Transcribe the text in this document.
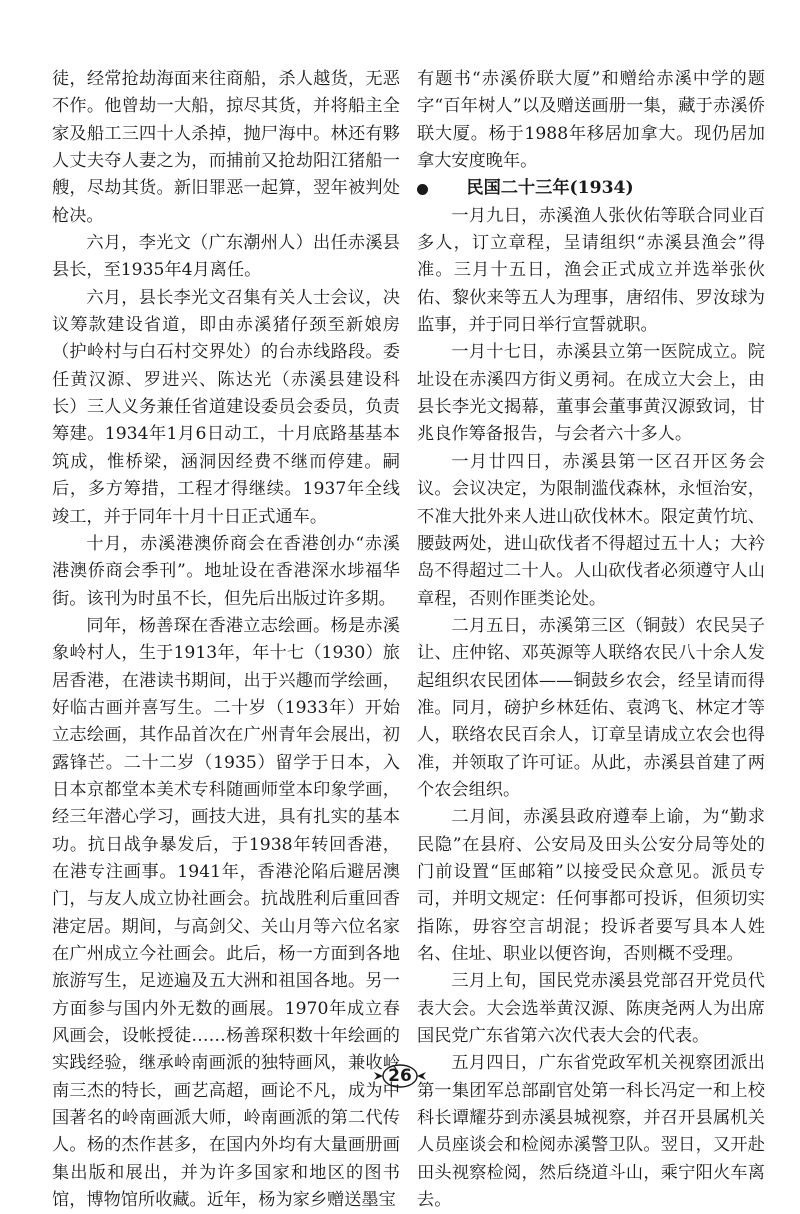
徒，经常抢劫海面来往商船，杀人越货，无恶不作。他曾劫一大船，掠尽其货，并将船主全家及船工三四十人杀掉，抛尸海中。林还有夥人丈夫夺人妻之为，而捕前又抢劫阳江猪船一艘，尽劫其货。新旧罪恶一起算，翌年被判处枪决。

六月，李光文（广东潮州人）出任赤溪县县长，至1935年4月离任。

六月，县长李光文召集有关人士会议，决议筹款建设省道，即由赤溪猪仔颈至新娘房（护岭村与白石村交界处）的台赤线路段。委任黄汉源、罗进兴、陈达光（赤溪县建设科长）三人义务兼任省道建设委员会委员，负责筹建。1934年1月6日动工，十月底路基基本筑成，惟桥梁，涵洞因经费不继而停建。嗣后，多方筹措，工程才得继续。1937年全线竣工，并于同年十月十日正式通车。

十月，赤溪港澳侨商会在香港创办“赤溪港澳侨商会季刊”。地址设在香港深水埗福华街。该刊为时虽不长，但先后出版过许多期。

同年，杨善琛在香港立志绘画。杨是赤溪象岭村人，生于1913年，年十七（1930）旅居香港，在港读书期间，出于兴趣而学绘画，好临古画并喜写生。二十岁（1933年）开始立志绘画，其作品首次在广州青年会展出，初露锋芒。二十二岁（1935）留学于日本，入日本京都堂本美术专科随画师堂本印象学画，经三年潜心学习，画技大进，具有扎实的基本功。抗日战争暴发后，于1938年转回香港，在港专注画事。1941年，香港沦陷后避居澳门，与友人成立协社画会。抗战胜利后重回香港定居。期间，与高剑父、关山月等六位名家在广州成立今社画会。此后，杨一方面到各地旅游写生，足迹遍及五大洲和祖国各地。另一方面参与国内外无数的画展。1970年成立春风画会，设帐授徒……杨善琛积数十年绘画的实践经验，继承岭南画派的独特画风，兼收岭南三杰的特长，画艺高超，画论不凡，成为中国著名的岭南画派大师，岭南画派的第二代传人。杨的杰作甚多，在国内外均有大量画册画集出版和展出，并为许多国家和地区的图书馆，博物馆所收藏。近年，杨为家乡赠送墨宝

有题书“赤溪侨联大厦”和赠给赤溪中学的题字“百年树人”以及赠送画册一集，藏于赤溪侨联大厦。杨于1988年移居加拿大。现仍居加拿大安度晚年。

民国二十三年(1934)

一月九日，赤溪渔人张伙佑等联合同业百多人，订立章程，呈请组织“赤溪县渔会”得准。三月十五日，渔会正式成立并选举张伙佑、黎伙来等五人为理事，唐绍伟、罗汝球为监事，并于同日举行宣誓就职。

一月十七日，赤溪县立第一医院成立。院址设在赤溪四方街义勇祠。在成立大会上，由县长李光文揭幕，董事会董事黄汉源致词，甘兆良作筹备报告，与会者六十多人。

一月廿四日，赤溪县第一区召开区务会议。会议决定，为限制滥伐森林，永恒治安，不准大批外来人进山砍伐林木。限定黄竹坑、腰鼓两处，进山砍伐者不得超过五十人；大衿岛不得超过二十人。人山砍伐者必须遵守人山章程，否则作匪类论处。

二月五日，赤溪第三区（铜鼓）农民吴子让、庄仲铭、邓英源等人联络农民八十余人发起组织农民团体——铜鼓乡农会，经呈请而得准。同月，磅护乡林廷佑、袁鸿飞、林定才等人，联络农民百余人，订章呈请成立农会也得准，并领取了许可证。从此，赤溪县首建了两个农会组织。

二月间，赤溪县政府遵奉上谕，为“勤求民隐”在县府、公安局及田头公安分局等处的门前设置“匡邮箱”以接受民众意见。派员专司，并明文规定：任何事都可投诉，但须切实指陈，毋容空言胡混；投诉者要写具本人姓名、住址、职业以便咨询，否则概不受理。

三月上旬，国民党赤溪县党部召开党员代表大会。大会选举黄汉源、陈庚尧两人为出席国民党广东省第六次代表大会的代表。

五月四日，广东省党政军机关视察团派出第一集团军总部副官处第一科长冯定一和上校科长谭耀芬到赤溪县城视察，并召开县属机关人员座谈会和检阅赤溪警卫队。翌日，又开赴田头视察检阅，然后绕道斗山，乘宁阳火车离去。

26
